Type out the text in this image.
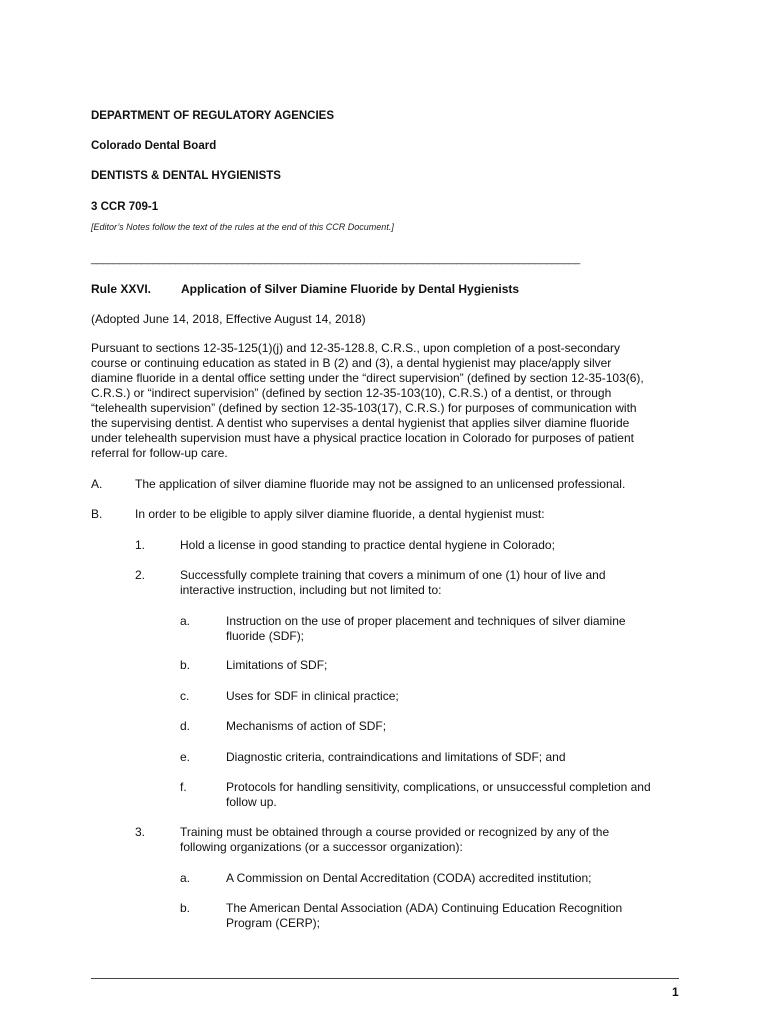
DEPARTMENT OF REGULATORY AGENCIES
Colorado Dental Board
DENTISTS & DENTAL HYGIENISTS
3 CCR 709-1
[Editor’s Notes follow the text of the rules at the end of this CCR Document.]
_______________________________________________________________________________________
Rule XXVI. Application of Silver Diamine Fluoride by Dental Hygienists
(Adopted June 14, 2018, Effective August 14, 2018)
Pursuant to sections 12-35-125(1)(j) and 12-35-128.8, C.R.S., upon completion of a post-secondary
course or continuing education as stated in B (2) and (3), a dental hygienist may place/apply silver
diamine fluoride in a dental office setting under the “direct supervision” (defined by section 12-35-103(6),
C.R.S.) or “indirect supervision” (defined by section 12-35-103(10), C.R.S.) of a dentist, or through
“telehealth supervision” (defined by section 12-35-103(17), C.R.S.) for purposes of communication with
the supervising dentist. A dentist who supervises a dental hygienist that applies silver diamine fluoride
under telehealth supervision must have a physical practice location in Colorado for purposes of patient
referral for follow-up care.
A.	The application of silver diamine fluoride may not be assigned to an unlicensed professional.
B.	In order to be eligible to apply silver diamine fluoride, a dental hygienist must:
1.	Hold a license in good standing to practice dental hygiene in Colorado;
2.	Successfully complete training that covers a minimum of one (1) hour of live and
interactive instruction, including but not limited to:
a.	Instruction on the use of proper placement and techniques of silver diamine
fluoride (SDF);
b.	Limitations of SDF;
c.	Uses for SDF in clinical practice;
d.	Mechanisms of action of SDF;
e.	Diagnostic criteria, contraindications and limitations of SDF; and
f.	Protocols for handling sensitivity, complications, or unsuccessful completion and
follow up.
3.	Training must be obtained through a course provided or recognized by any of the
following organizations (or a successor organization):
a.	A Commission on Dental Accreditation (CODA) accredited institution;
b.	The American Dental Association (ADA) Continuing Education Recognition
Program (CERP);
1
